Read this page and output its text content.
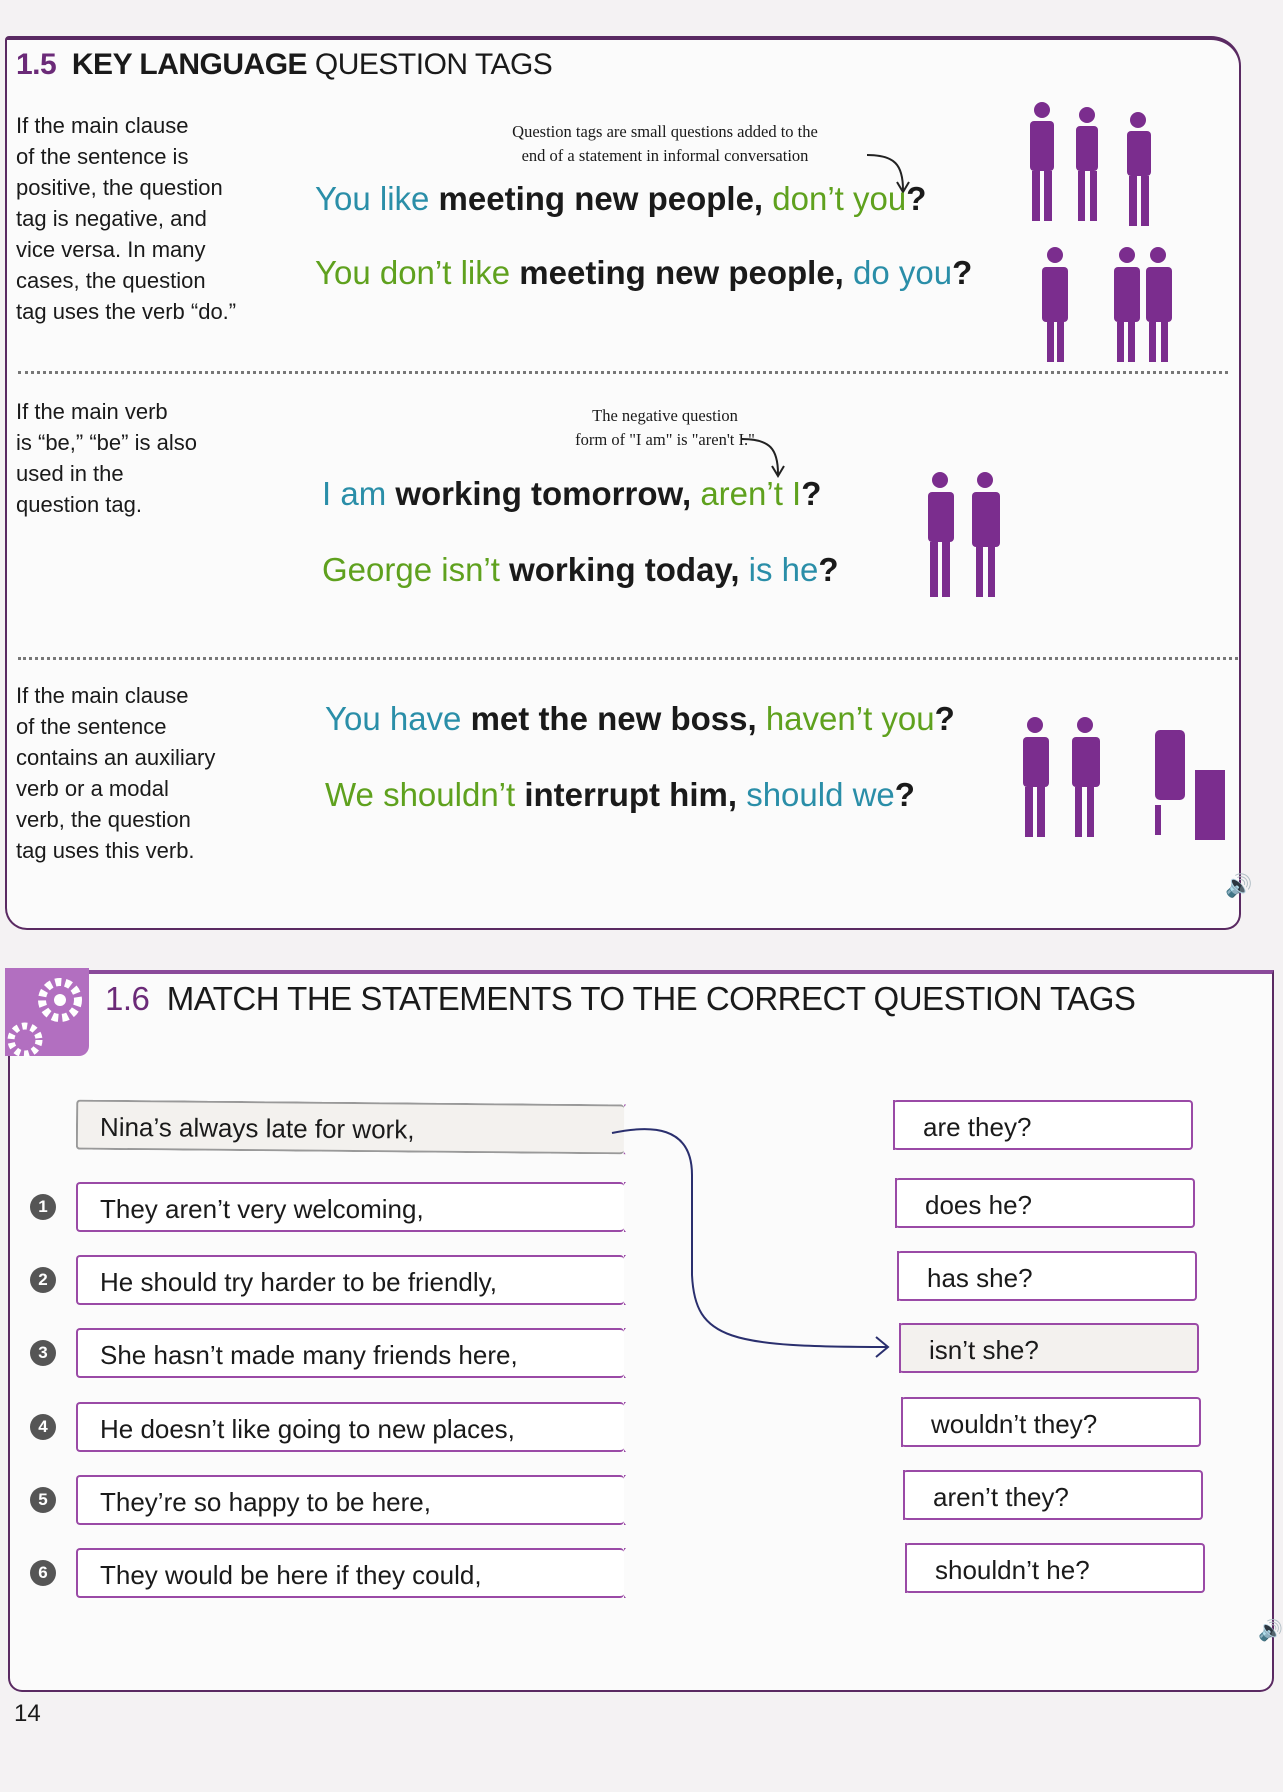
1.5 KEY LANGUAGE QUESTION TAGS
If the main clause
of the sentence is
positive, the question
tag is negative, and
vice versa. In many
cases, the question
tag uses the verb “do.”
Question tags are small questions added to the
end of a statement in informal conversation
You like meeting new people, don’t you?
You don’t like meeting new people, do you?
If the main verb
is “be,” “be” is also
used in the
question tag.
The negative question
form of "I am" is "aren't I."
I am working tomorrow, aren’t I?
George isn’t working today, is he?
If the main clause
of the sentence
contains an auxiliary
verb or a modal
verb, the question
tag uses this verb.
You have met the new boss, haven’t you?
We shouldn’t interrupt him, should we?
🔊
1.6 MATCH THE STATEMENTS TO THE CORRECT QUESTION TAGS
Nina’s always late for work,
1	They aren’t very welcoming,
2	He should try harder to be friendly,
3	She hasn’t made many friends here,
4	He doesn’t like going to new places,
5	They’re so happy to be here,
6	They would be here if they could,
are they?
does he?
has she?
isn’t she?
wouldn’t they?
aren’t they?
shouldn’t he?
🔊
14
